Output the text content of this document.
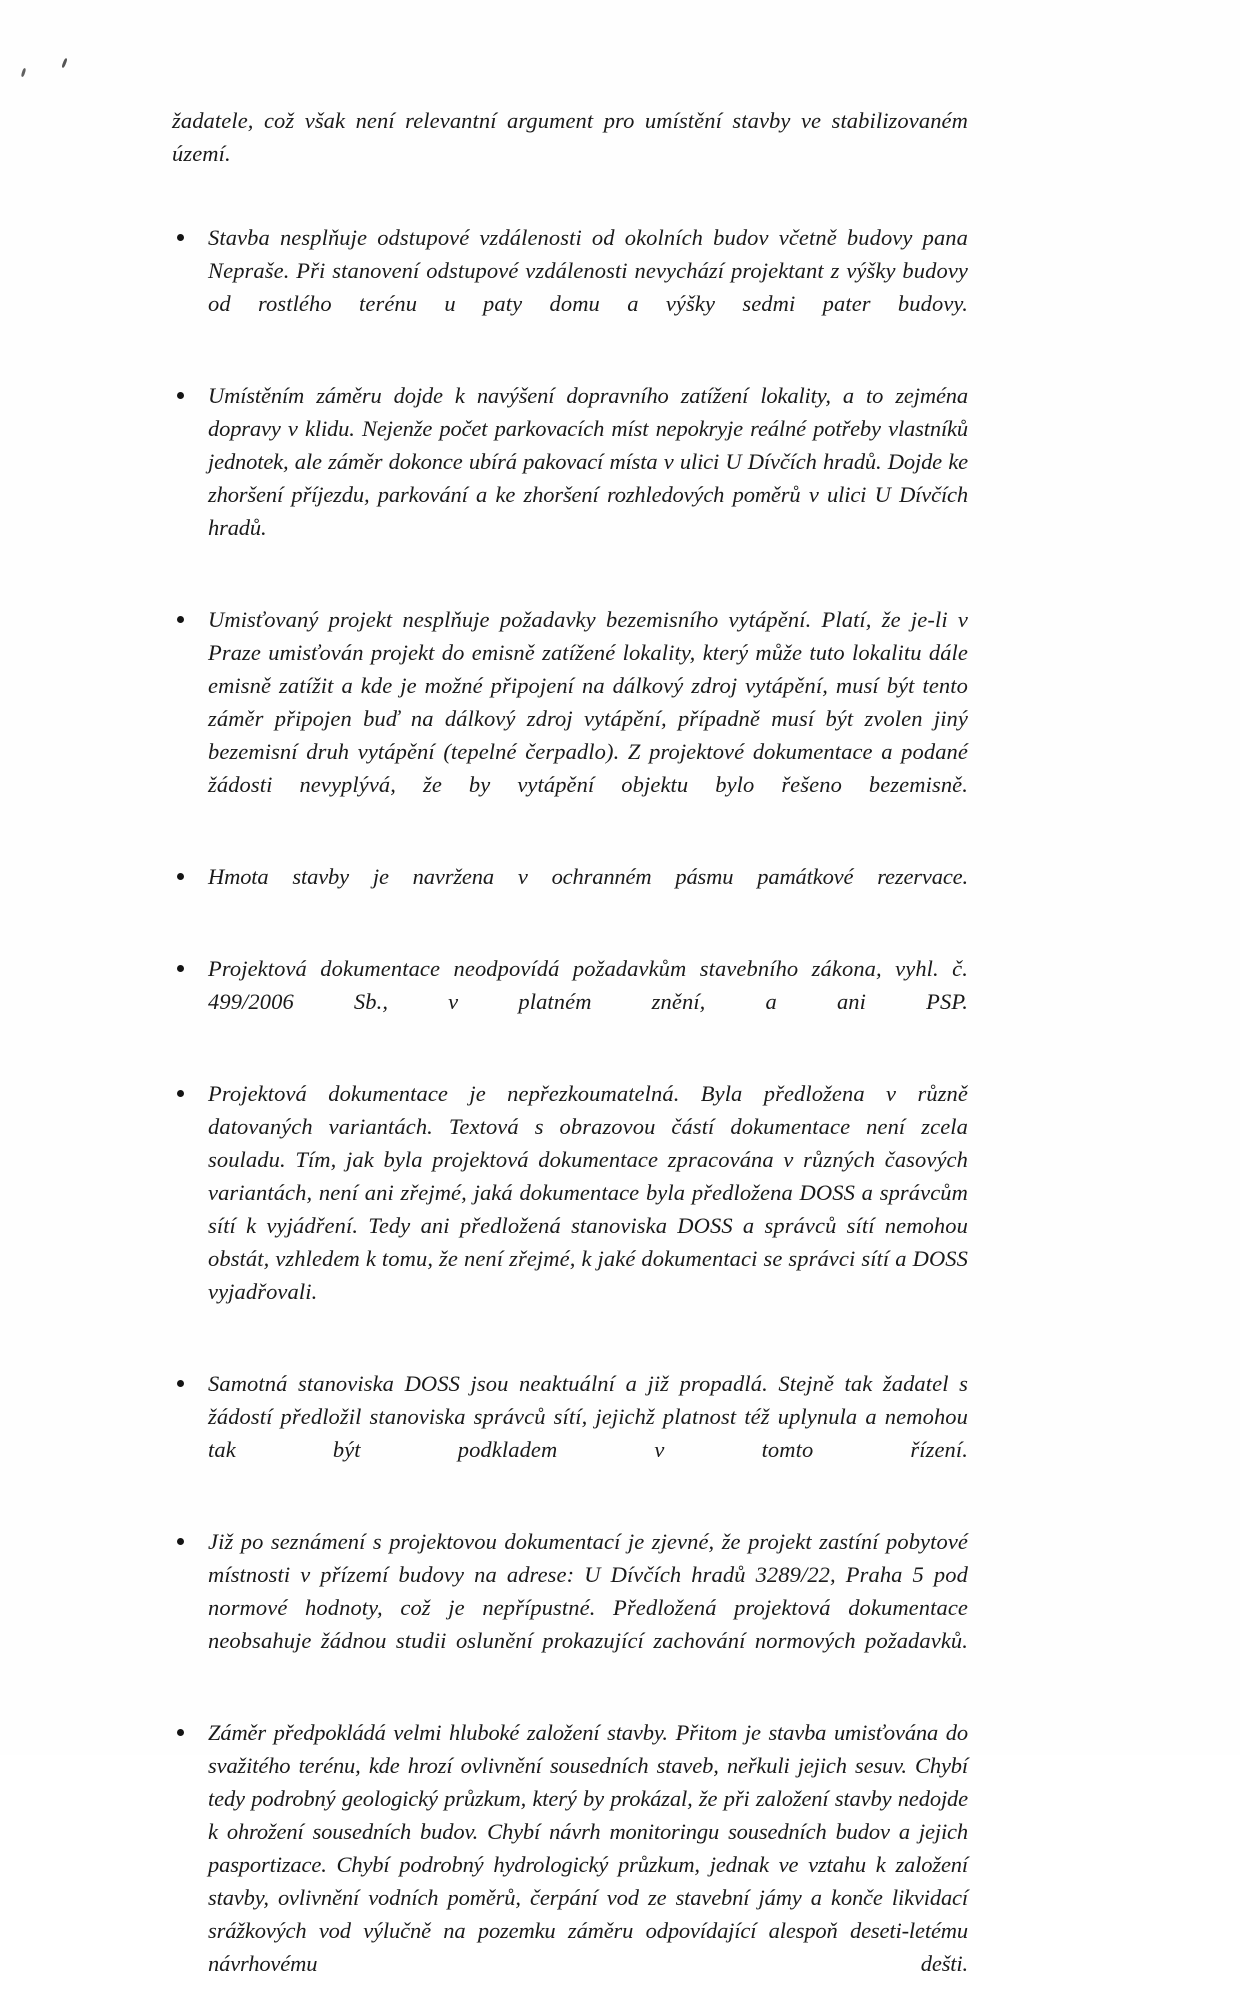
žadatele, což však není relevantní argument pro umístění stavby ve stabilizovaném území.

Stavba nesplňuje odstupové vzdálenosti od okolních budov včetně budovy pana Nepraše. Při stanovení odstupové vzdálenosti nevychází projektant z výšky budovy od rostlého terénu u paty domu a výšky sedmi pater budovy.
Umístěním záměru dojde k navýšení dopravního zatížení lokality, a to zejména dopravy v klidu. Nejenže počet parkovacích míst nepokryje reálné potřeby vlastníků jednotek, ale záměr dokonce ubírá pakovací místa v ulici U Dívčích hradů. Dojde ke zhoršení příjezdu, parkování a ke zhoršení rozhledových poměrů v ulici U Dívčích hradů.
Umisťovaný projekt nesplňuje požadavky bezemisního vytápění. Platí, že je-li v Praze umisťován projekt do emisně zatížené lokality, který může tuto lokalitu dále emisně zatížit a kde je možné připojení na dálkový zdroj vytápění, musí být tento záměr připojen buď na dálkový zdroj vytápění, případně musí být zvolen jiný bezemisní druh vytápění (tepelné čerpadlo). Z projektové dokumentace a podané žádosti nevyplývá, že by vytápění objektu bylo řešeno bezemisně.
Hmota stavby je navržena v ochranném pásmu památkové rezervace.
Projektová dokumentace neodpovídá požadavkům stavebního zákona, vyhl. č. 499/2006 Sb., v platném znění, a ani PSP.
Projektová dokumentace je nepřezkoumatelná. Byla předložena v různě datovaných variantách. Textová s obrazovou částí dokumentace není zcela souladu. Tím, jak byla projektová dokumentace zpracována v různých časových variantách, není ani zřejmé, jaká dokumentace byla předložena DOSS a správcům sítí k vyjádření. Tedy ani předložená stanoviska DOSS a správců sítí nemohou obstát, vzhledem k tomu, že není zřejmé, k jaké dokumentaci se správci sítí a DOSS vyjadřovali.
Samotná stanoviska DOSS jsou neaktuální a již propadlá. Stejně tak žadatel s žádostí předložil stanoviska správců sítí, jejichž platnost též uplynula a nemohou tak být podkladem v tomto řízení.
Již po seznámení s projektovou dokumentací je zjevné, že projekt zastíní pobytové místnosti v přízemí budovy na adrese: U Dívčích hradů 3289/22, Praha 5 pod normové hodnoty, což je nepřípustné. Předložená projektová dokumentace neobsahuje žádnou studii oslunění prokazující zachování normových požadavků.
Záměr předpokládá velmi hluboké založení stavby. Přitom je stavba umisťována do svažitého terénu, kde hrozí ovlivnění sousedních staveb, neřkuli jejich sesuv. Chybí tedy podrobný geologický průzkum, který by prokázal, že při založení stavby nedojde k ohrožení sousedních budov. Chybí návrh monitoringu sousedních budov a jejich pasportizace. Chybí podrobný hydrologický průzkum, jednak ve vztahu k založení stavby, ovlivnění vodních poměrů, čerpání vod ze stavební jámy a konče likvidací srážkových vod výlučně na pozemku záměru odpovídající alespoň deseti-letému návrhovému dešti.
